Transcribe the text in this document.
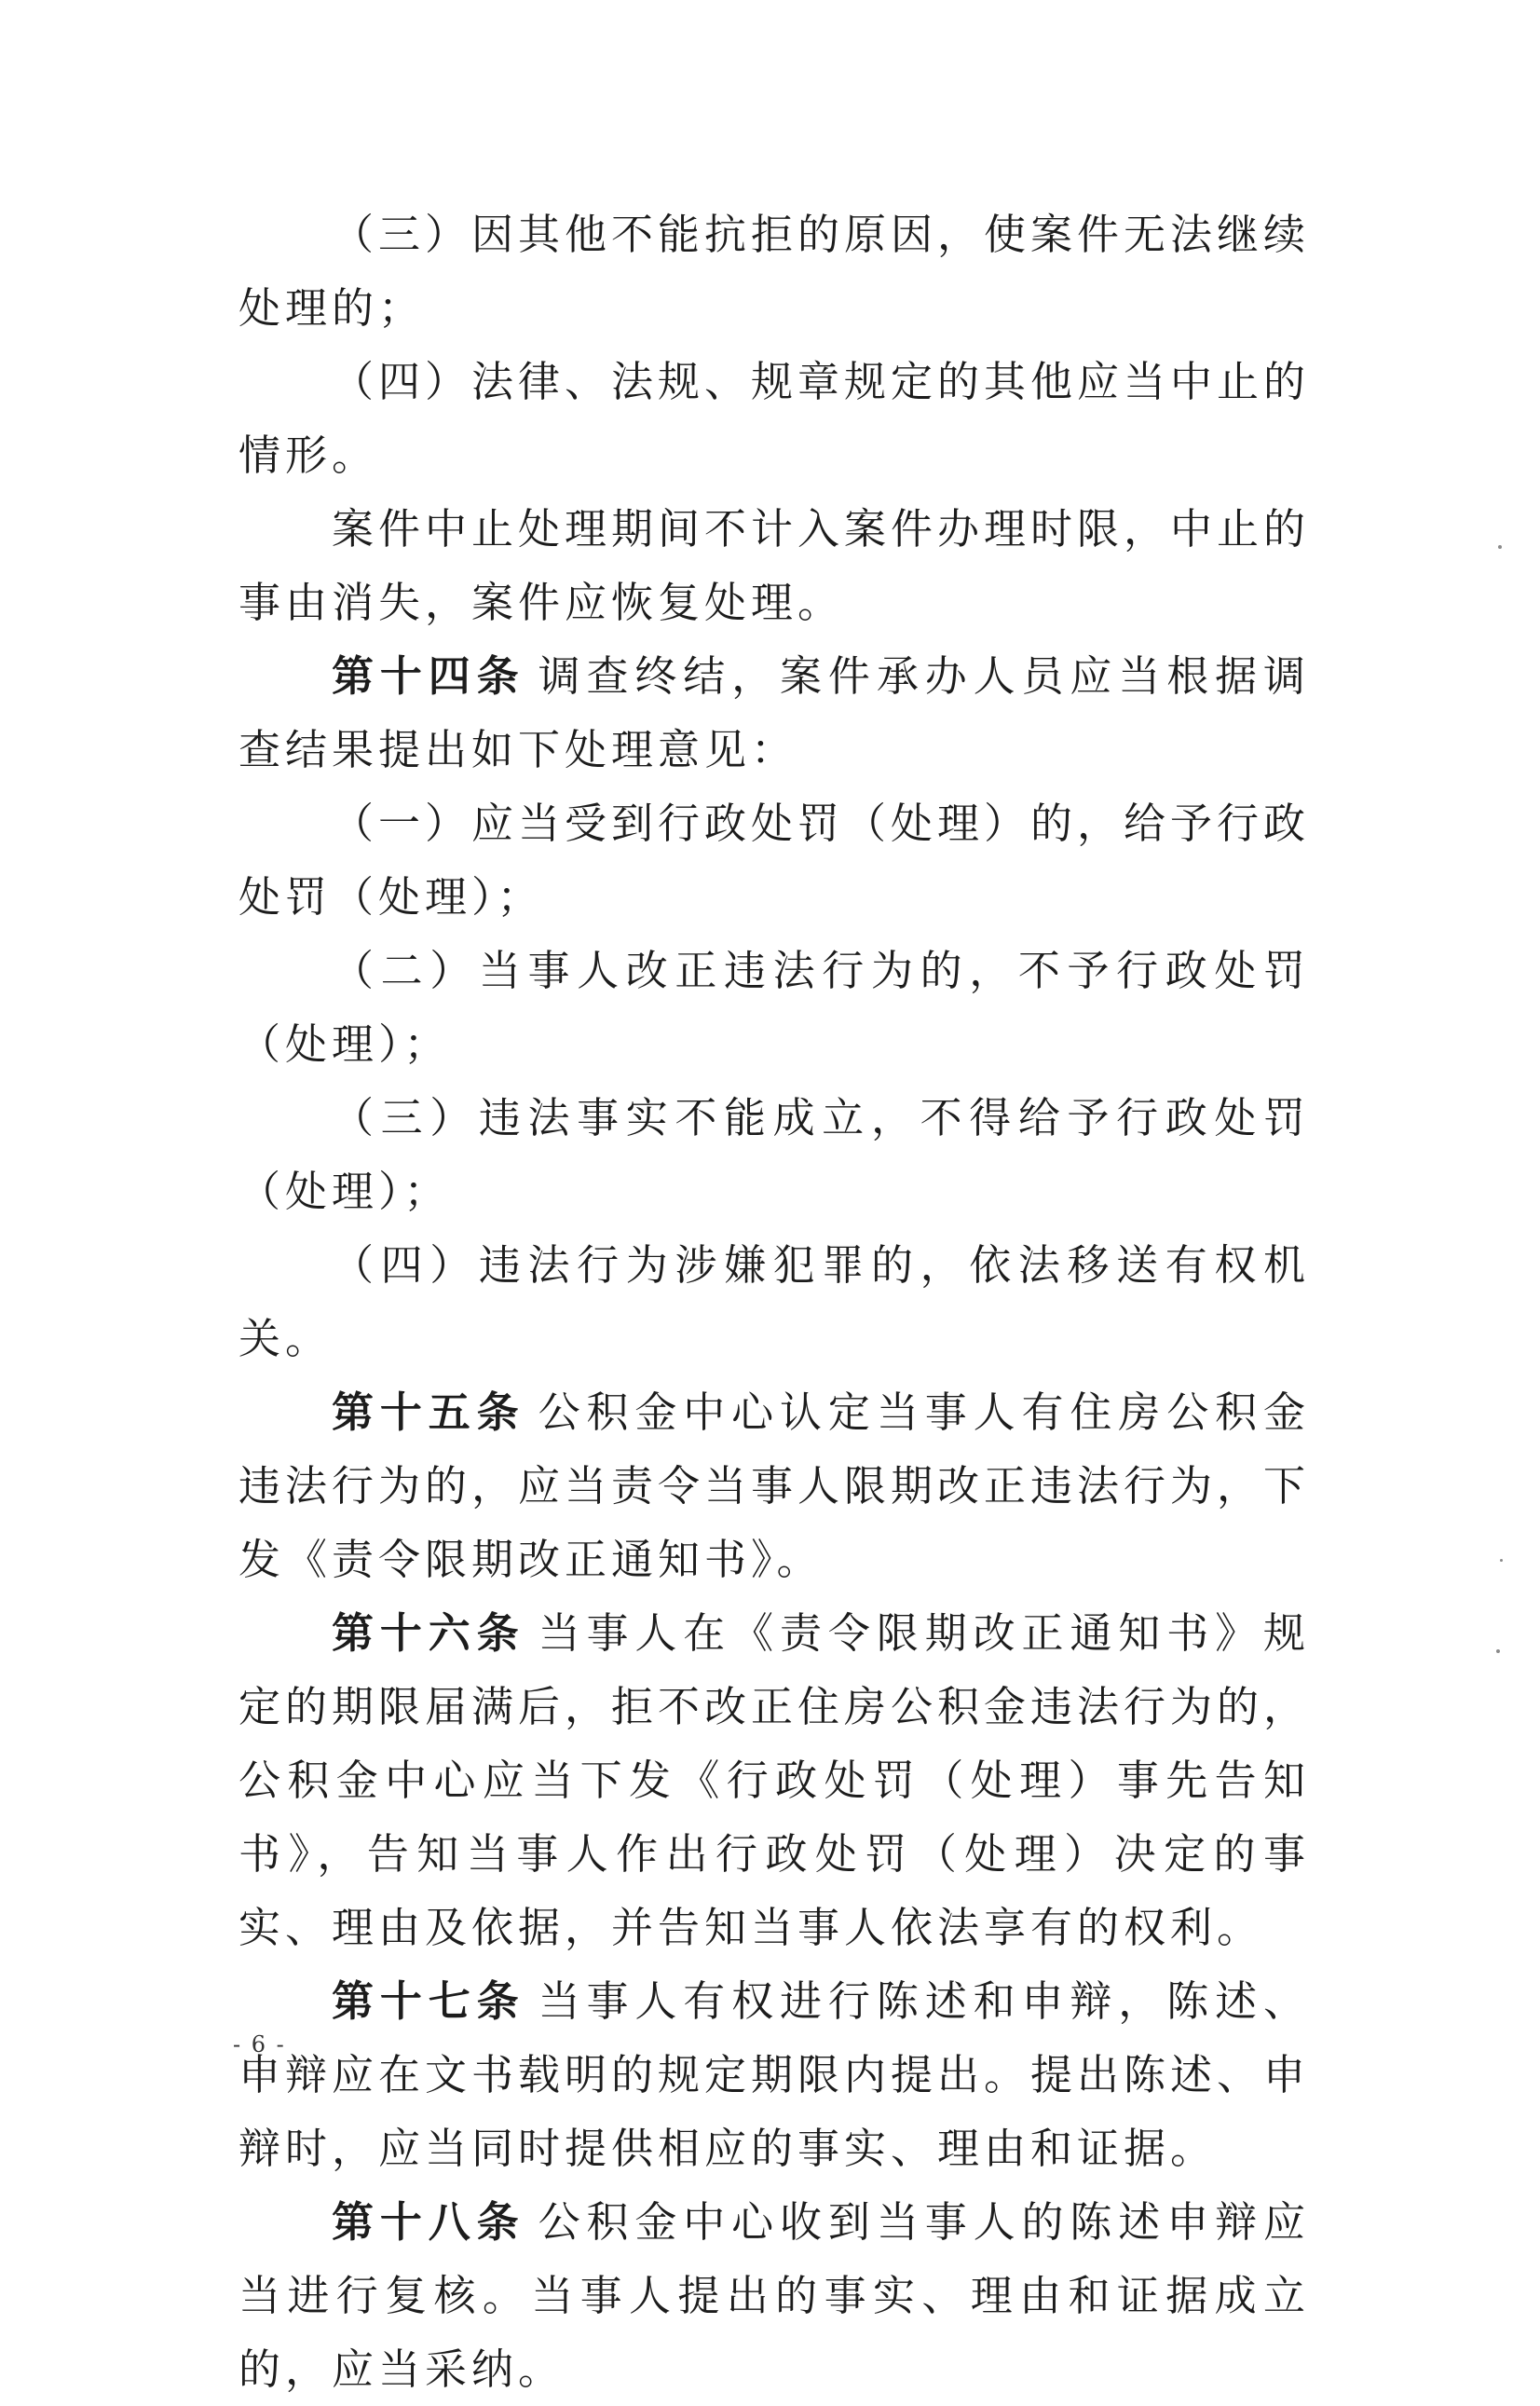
（三）因其他不能抗拒的原因，使案件无法继续处理的；

（四）法律、法规、规章规定的其他应当中止的情形。

案件中止处理期间不计入案件办理时限，中止的事由消失，案件应恢复处理。

第十四条 调查终结，案件承办人员应当根据调查结果提出如下处理意见：

（一）应当受到行政处罚（处理）的，给予行政处罚（处理）；

（二）当事人改正违法行为的，不予行政处罚（处理）；

（三）违法事实不能成立，不得给予行政处罚（处理）；

（四）违法行为涉嫌犯罪的，依法移送有权机关。

第十五条 公积金中心认定当事人有住房公积金违法行为的，应当责令当事人限期改正违法行为，下发《责令限期改正通知书》。

第十六条 当事人在《责令限期改正通知书》规定的期限届满后，拒不改正住房公积金违法行为的，公积金中心应当下发《行政处罚（处理）事先告知书》，告知当事人作出行政处罚（处理）决定的事实、理由及依据，并告知当事人依法享有的权利。

第十七条 当事人有权进行陈述和申辩，陈述、申辩应在文书载明的规定期限内提出。提出陈述、申辩时，应当同时提供相应的事实、理由和证据。

第十八条 公积金中心收到当事人的陈述申辩应当进行复核。当事人提出的事实、理由和证据成立的，应当采纳。

- 6 -
